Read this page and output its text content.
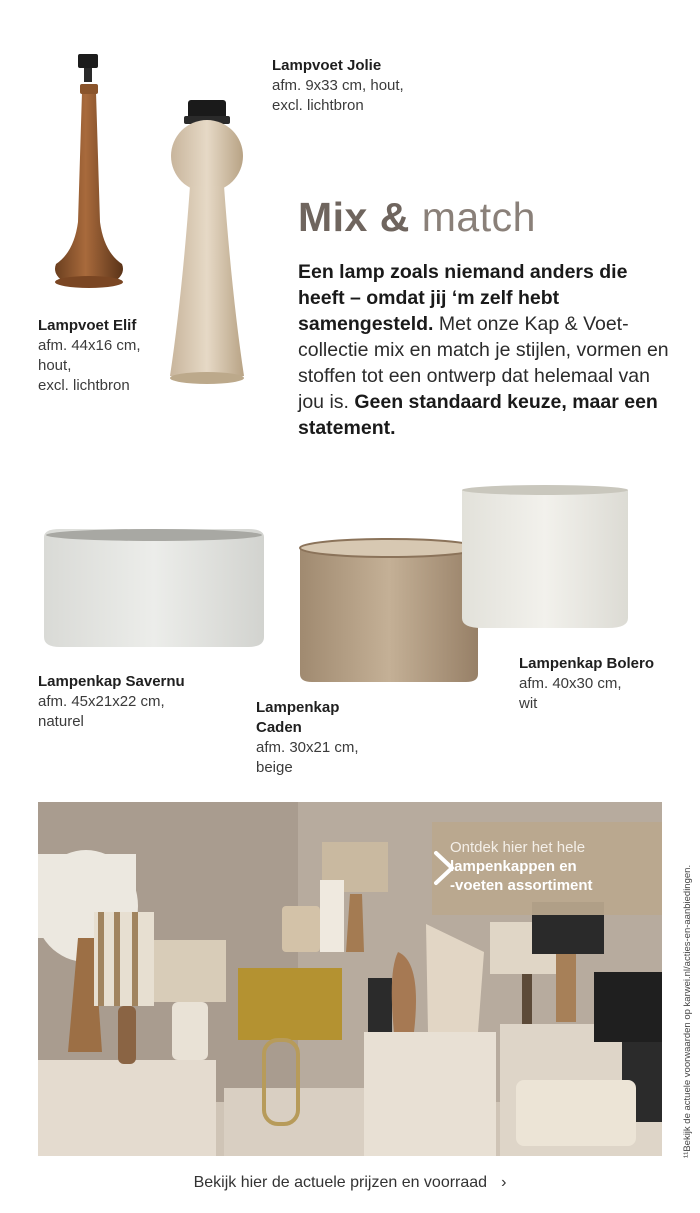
Lampvoet Jolie
afm. 9x33 cm, hout,
excl. lichtbron
Lampvoet Elif
afm. 44x16 cm,
hout,
excl. lichtbron
Mix & match
Een lamp zoals niemand anders die heeft – omdat jij ‘m zelf hebt samengesteld. Met onze Kap & Voet-collectie mix en match je stijlen, vormen en stoffen tot een ontwerp dat helemaal van jou is. Geen standaard keuze, maar een statement.
Lampenkap Savernu
afm. 45x21x22 cm,
naturel
Lampenkap
Caden
afm. 30x21 cm,
beige
Lampenkap Bolero
afm. 40x30 cm,
wit
Ontdek hier het hele
lampenkappen en
-voeten assortiment	¹¹Bekijk de actuele voorwaarden op karwei.nl/acties-en-aanbiedingen.
Bekijk hier de actuele prijzen en voorraad ›
